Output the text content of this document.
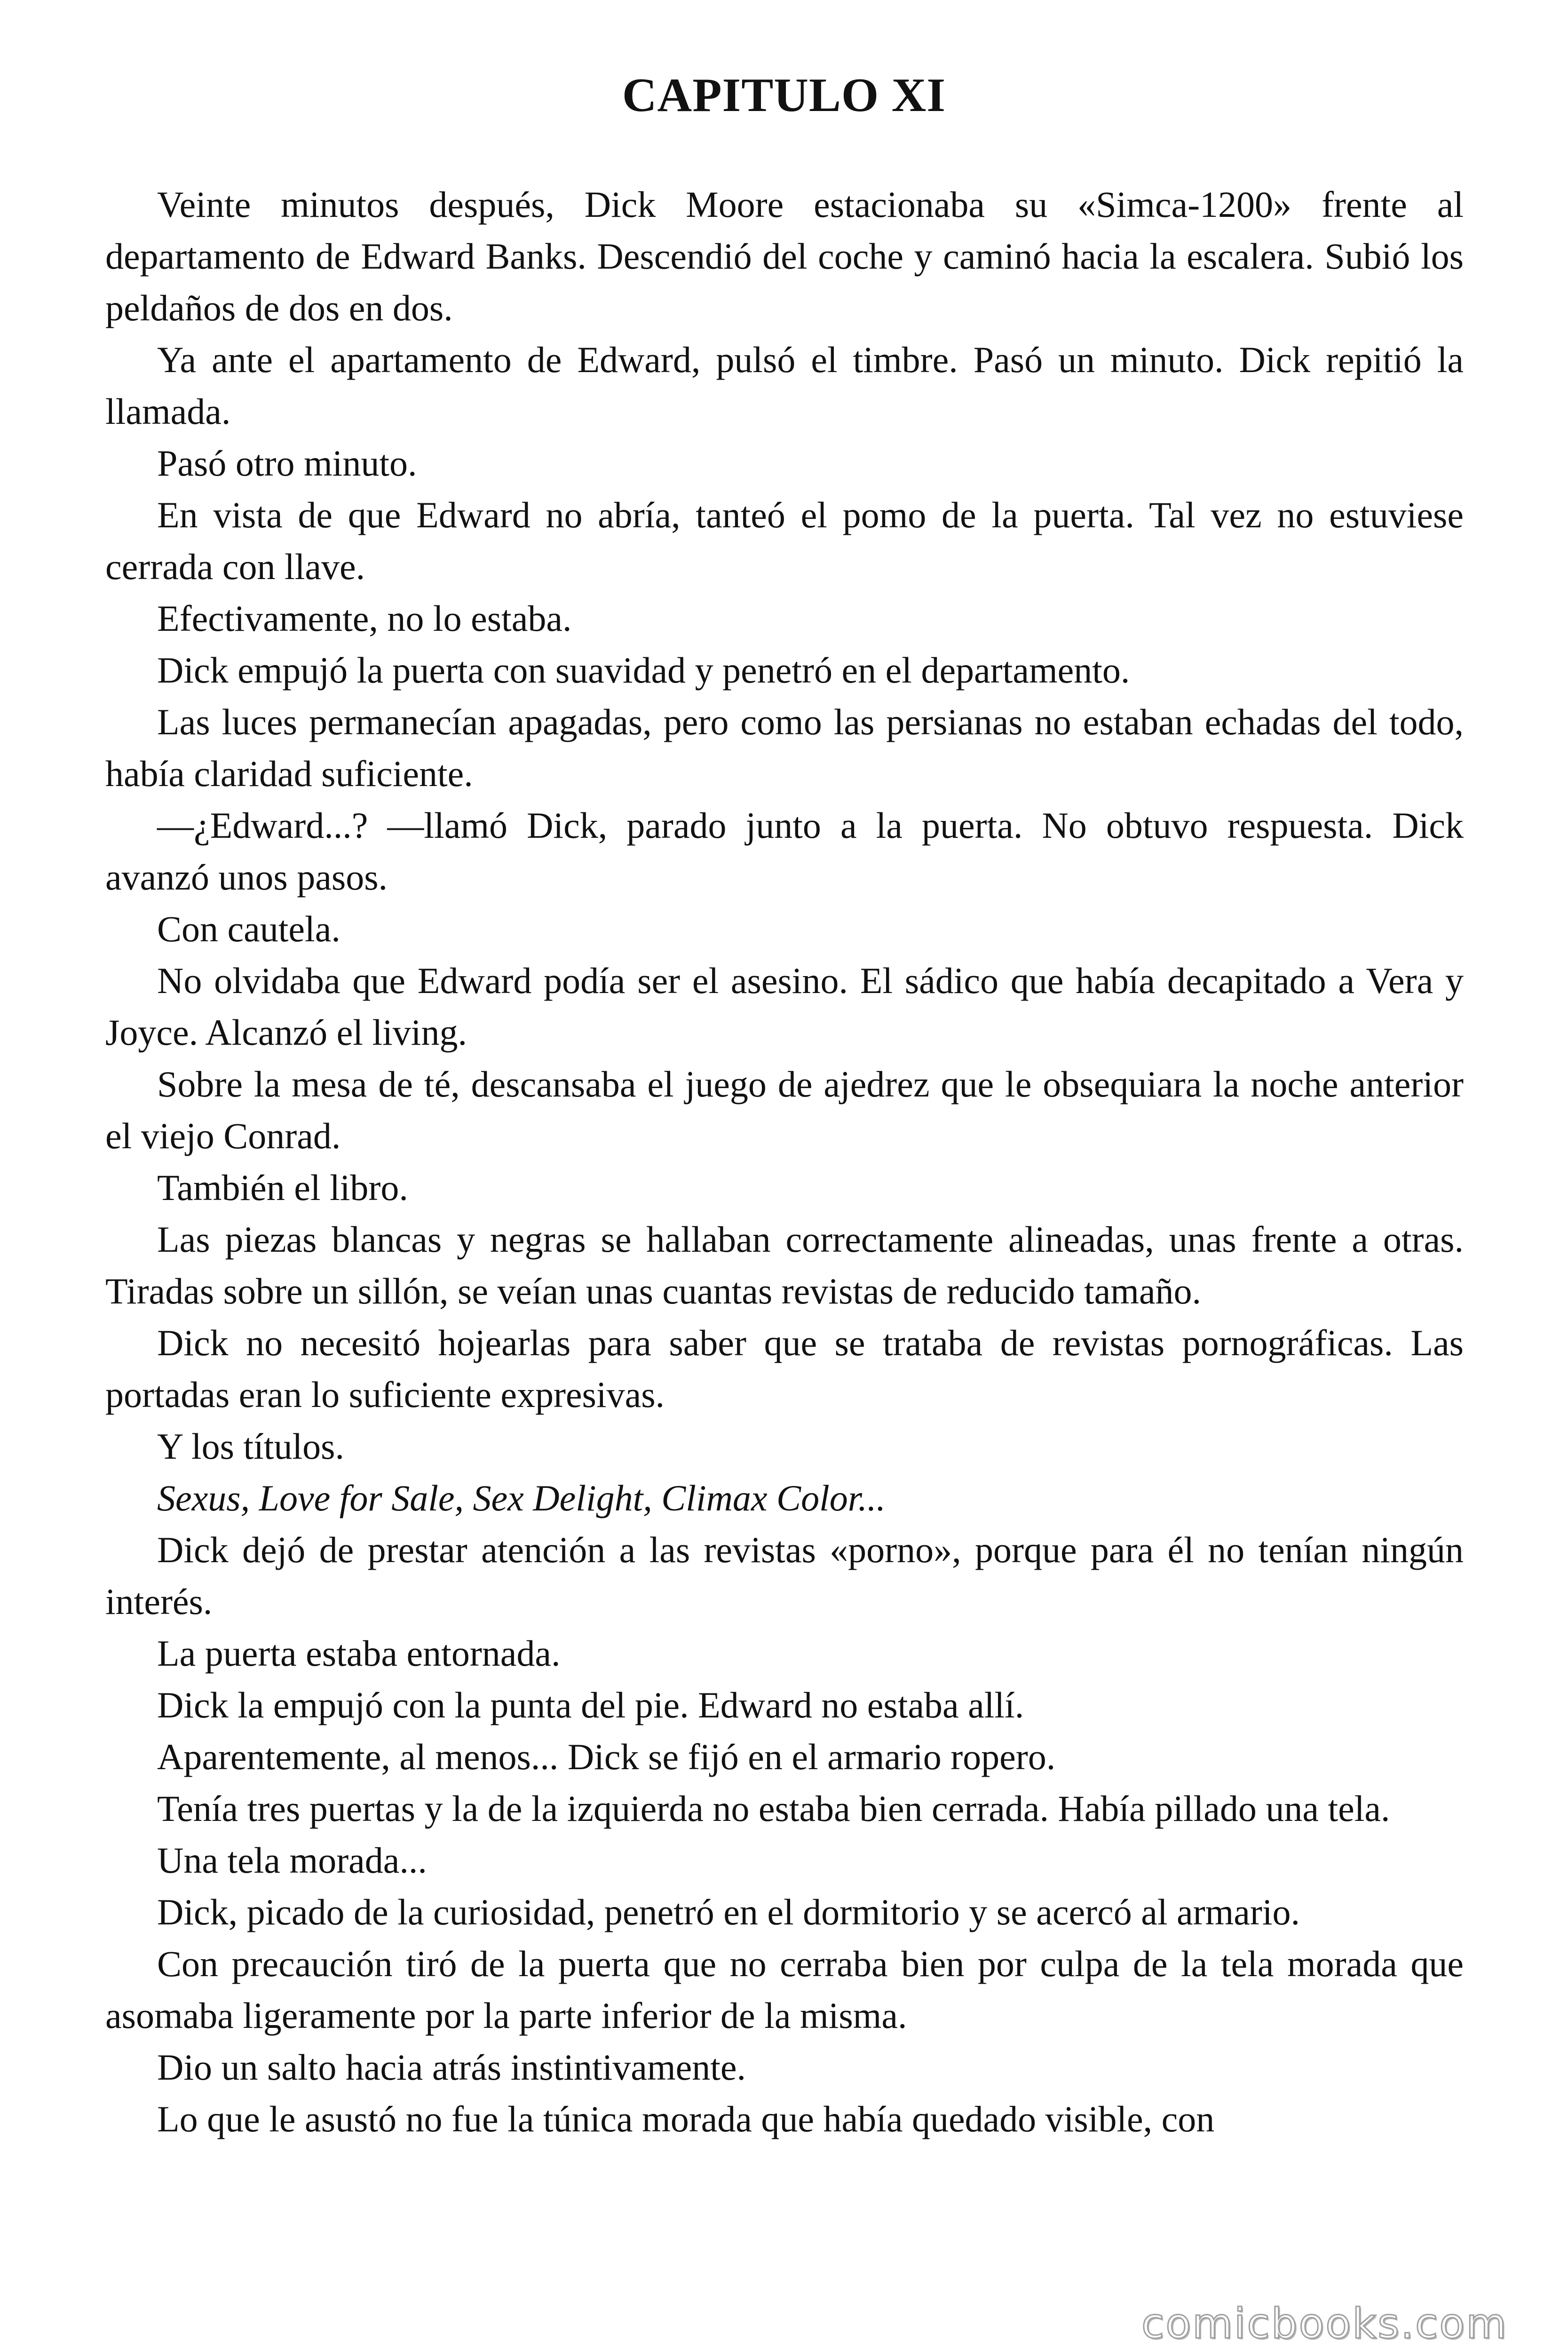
CAPITULO XI

Veinte minutos después, Dick Moore estacionaba su «Simca-1200» frente al departamento de Edward Banks. Descendió del coche y caminó hacia la escalera. Subió los peldaños de dos en dos.

Ya ante el apartamento de Edward, pulsó el timbre. Pasó un minuto. Dick repitió la llamada.

Pasó otro minuto.

En vista de que Edward no abría, tanteó el pomo de la puerta. Tal vez no estuviese cerrada con llave.

Efectivamente, no lo estaba.

Dick empujó la puerta con suavidad y penetró en el departamento.

Las luces permanecían apagadas, pero como las persianas no estaban echadas del todo, había claridad suficiente.

—¿Edward...? —llamó Dick, parado junto a la puerta. No obtuvo respuesta. Dick avanzó unos pasos.

Con cautela.

No olvidaba que Edward podía ser el asesino. El sádico que había decapitado a Vera y Joyce. Alcanzó el living.

Sobre la mesa de té, descansaba el juego de ajedrez que le obsequiara la noche anterior el viejo Conrad.

También el libro.

Las piezas blancas y negras se hallaban correctamente alineadas, unas frente a otras. Tiradas sobre un sillón, se veían unas cuantas revistas de reducido tamaño.

Dick no necesitó hojearlas para saber que se trataba de revistas pornográficas. Las portadas eran lo suficiente expresivas.

Y los títulos.

Sexus, Love for Sale, Sex Delight, Climax Color...

Dick dejó de prestar atención a las revistas «porno», porque para él no tenían ningún interés.

La puerta estaba entornada.

Dick la empujó con la punta del pie. Edward no estaba allí.

Aparentemente, al menos... Dick se fijó en el armario ropero.

Tenía tres puertas y la de la izquierda no estaba bien cerrada. Había pillado una tela.

Una tela morada...

Dick, picado de la curiosidad, penetró en el dormitorio y se acercó al armario.

Con precaución tiró de la puerta que no cerraba bien por culpa de la tela morada que asomaba ligeramente por la parte inferior de la misma.

Dio un salto hacia atrás instintivamente.

Lo que le asustó no fue la túnica morada que había quedado visible, con

comicbooks.com
